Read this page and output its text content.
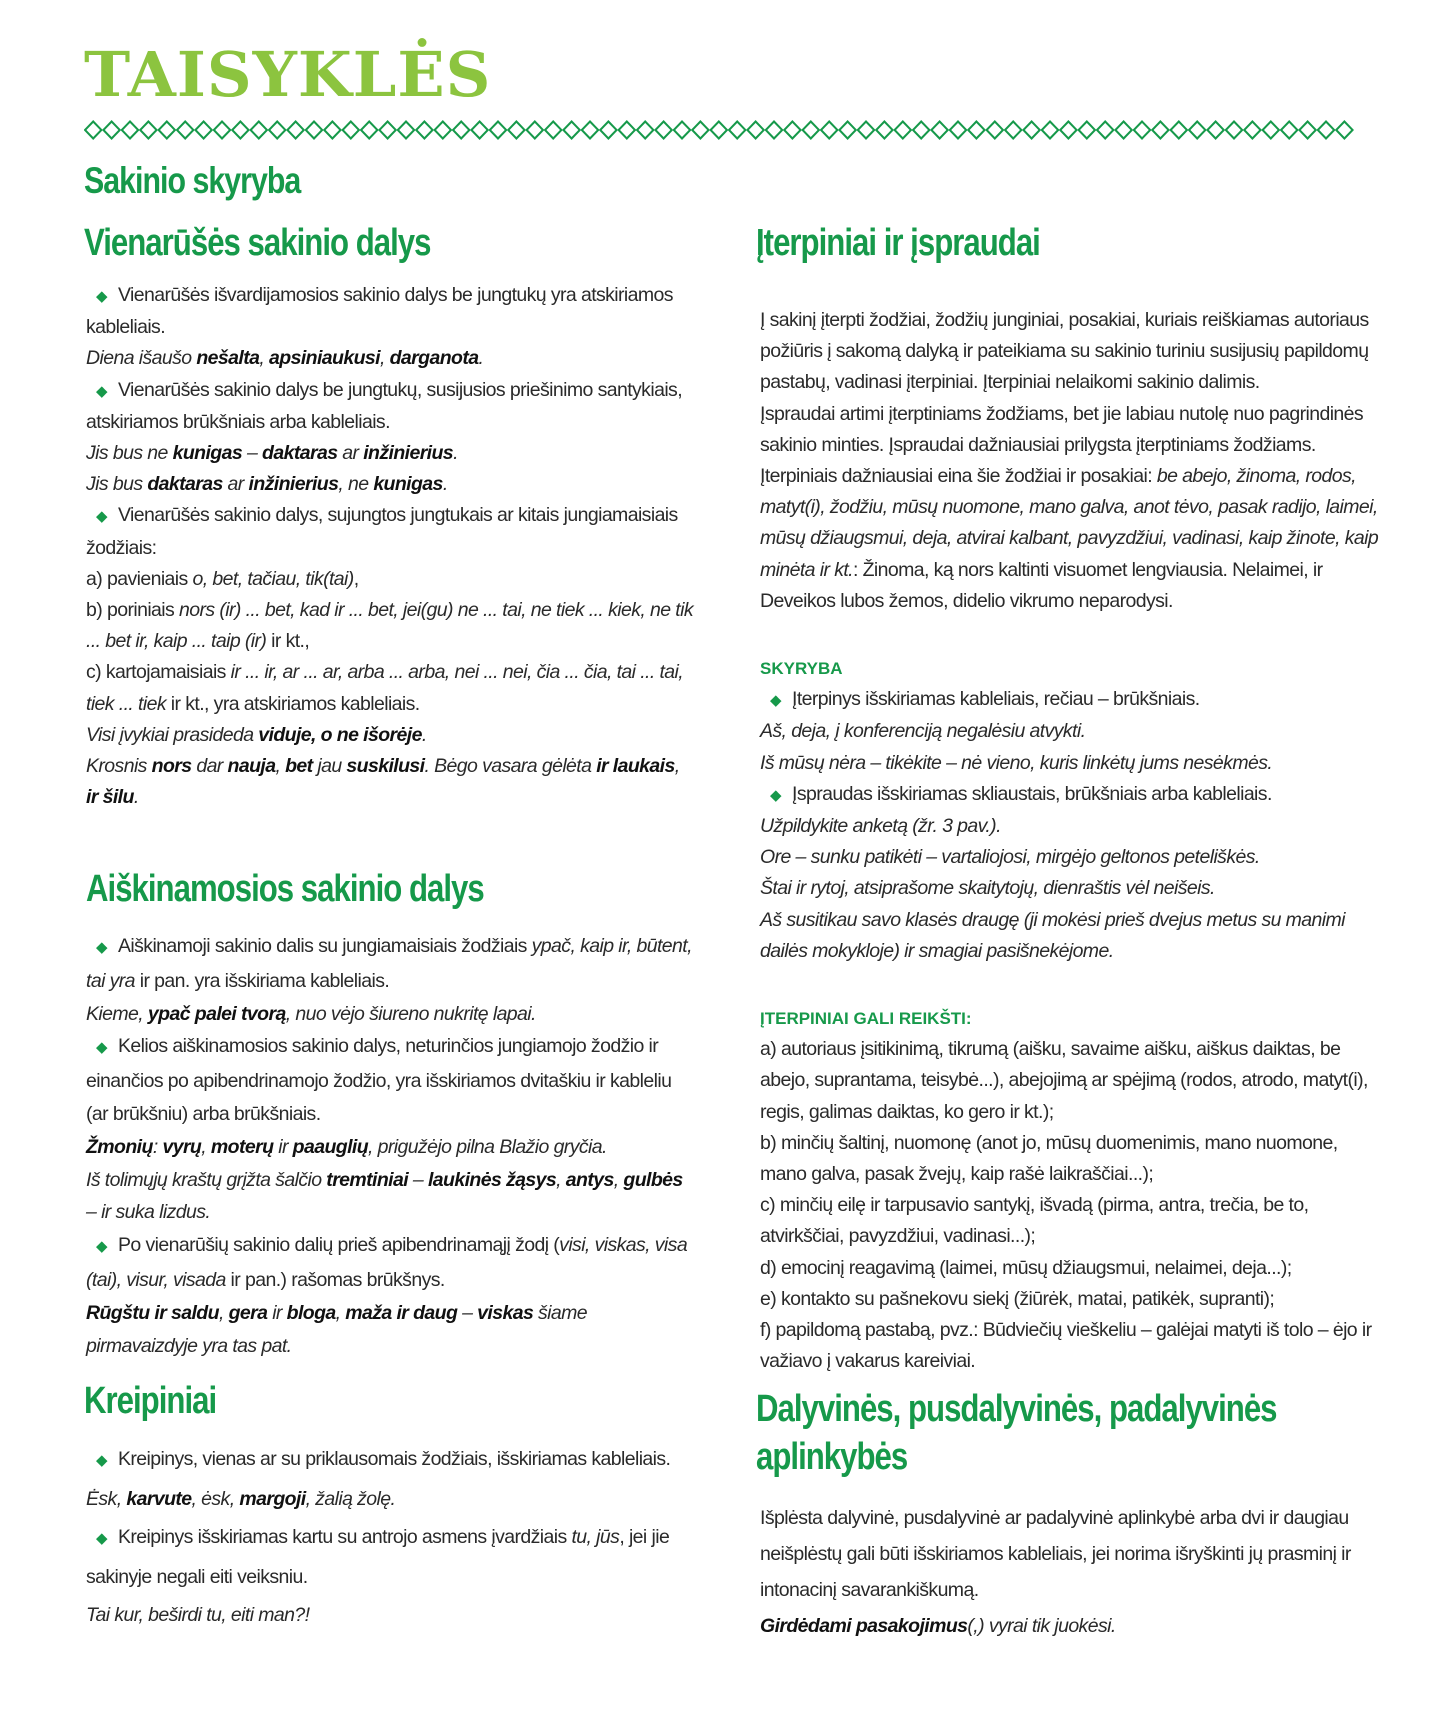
TAISYKLĖS
Sakinio skyryba
Vienarūšės sakinio dalys

◆ Vienarūšės išvardijamosios sakinio dalys be jungtukų yra atskiriamos kableliais.

Diena išaušo nešalta, apsiniaukusi, darganota.

◆ Vienarūšės sakinio dalys be jungtukų, susijusios priešinimo santykiais, atskiriamos brūkšniais arba kableliais.

Jis bus ne kunigas – daktaras ar inžinierius.

Jis bus daktaras ar inžinierius, ne kunigas.

◆ Vienarūšės sakinio dalys, sujungtos jungtukais ar kitais jungiamaisiais žodžiais:

a) pavieniais o, bet, tačiau, tik(tai),

b) poriniais nors (ir) ... bet, kad ir ... bet, jei(gu) ne ... tai, ne tiek ... kiek, ne tik ... bet ir, kaip ... taip (ir) ir kt.,

c) kartojamaisiais ir ... ir, ar ... ar, arba ... arba, nei ... nei, čia ... čia, tai ... tai, tiek ... tiek ir kt., yra atskiriamos kableliais.

Visi įvykiai prasideda viduje, o ne išorėje.

Krosnis nors dar nauja, bet jau suskilusi. Bėgo vasara gėlėta ir laukais, ir šilu.

Aiškinamosios sakinio dalys

◆ Aiškinamoji sakinio dalis su jungiamaisiais žodžiais ypač, kaip ir, būtent, tai yra ir pan. yra išskiriama kableliais.

Kieme, ypač palei tvorą, nuo vėjo šiureno nukritę lapai.

◆ Kelios aiškinamosios sakinio dalys, neturinčios jungiamojo žodžio ir einančios po apibendrinamojo žodžio, yra išskiriamos dvitaškiu ir kableliu (ar brūkšniu) arba brūkšniais.

Žmonių: vyrų, moterų ir paauglių, prigužėjo pilna Blažio gryčia.

Iš tolimųjų kraštų grįžta šalčio tremtiniai – laukinės žąsys, antys, gulbės – ir suka lizdus.

◆ Po vienarūšių sakinio dalių prieš apibendrinamąjį žodį (visi, viskas, visa (tai), visur, visada ir pan.) rašomas brūkšnys.

Rūgštu ir saldu, gera ir bloga, maža ir daug – viskas šiame pirmavaizdyje yra tas pat.

Kreipiniai

◆ Kreipinys, vienas ar su priklausomais žodžiais, išskiriamas kableliais.

Ėsk, karvute, ėsk, margoji, žalią žolę.

◆ Kreipinys išskiriamas kartu su antrojo asmens įvardžiais tu, jūs, jei jie sakinyje negali eiti veiksniu.

Tai kur, beširdi tu, eiti man?!

Įterpiniai ir įspraudai

Į sakinį įterpti žodžiai, žodžių junginiai, posakiai, kuriais reiškiamas autoriaus požiūris į sakomą dalyką ir pateikiama su sakinio turiniu susijusių papildomų pastabų, vadinasi įterpiniai. Įterpiniai nelaikomi sakinio dalimis.

Įspraudai artimi įterptiniams žodžiams, bet jie labiau nutolę nuo pagrindinės sakinio minties. Įspraudai dažniausiai prilygsta įterptiniams žodžiams.

Įterpiniais dažniausiai eina šie žodžiai ir posakiai: be abejo, žinoma, rodos, matyt(i), žodžiu, mūsų nuomone, mano galva, anot tėvo, pasak radijo, laimei, mūsų džiaugsmui, deja, atvirai kalbant, pavyzdžiui, vadinasi, kaip žinote, kaip minėta ir kt.: Žinoma, ką nors kaltinti visuomet lengviausia. Nelaimei, ir Deveikos lubos žemos, didelio vikrumo neparodysi.

SKYRYBA

◆ Įterpinys išskiriamas kableliais, rečiau – brūkšniais.

Aš, deja, į konferenciją negalėsiu atvykti.

Iš mūsų nėra – tikėkite – nė vieno, kuris linkėtų jums nesėkmės.

◆ Įspraudas išskiriamas skliaustais, brūkšniais arba kableliais.

Užpildykite anketą (žr. 3 pav.).

Ore – sunku patikėti – vartaliojosi, mirgėjo geltonos peteliškės.

Štai ir rytoj, atsiprašome skaitytojų, dienraštis vėl neišeis.

Aš susitikau savo klasės draugę (ji mokėsi prieš dvejus metus su manimi dailės mokykloje) ir smagiai pasišnekėjome.

ĮTERPINIAI GALI REIKŠTI:

a) autoriaus įsitikinimą, tikrumą (aišku, savaime aišku, aiškus daiktas, be abejo, suprantama, teisybė...), abejojimą ar spėjimą (rodos, atrodo, matyt(i), regis, galimas daiktas, ko gero ir kt.);

b) minčių šaltinį, nuomonę (anot jo, mūsų duomenimis, mano nuomone, mano galva, pasak žvejų, kaip rašė laikraščiai...);

c) minčių eilę ir tarpusavio santykį, išvadą (pirma, antra, trečia, be to, atvirkščiai, pavyzdžiui, vadinasi...);

d) emocinį reagavimą (laimei, mūsų džiaugsmui, nelaimei, deja...);

e) kontakto su pašnekovu siekį (žiūrėk, matai, patikėk, supranti);

f) papildomą pastabą, pvz.: Būdviečių vieškeliu – galėjai matyti iš tolo – ėjo ir važiavo į vakarus kareiviai.

Dalyvinės, pusdalyvinės, padalyvinės aplinkybės

Išplėsta dalyvinė, pusdalyvinė ar padalyvinė aplinkybė arba dvi ir daugiau neišplėstų gali būti išskiriamos kableliais, jei norima išryškinti jų prasminį ir intonacinį savarankiškumą.

Girdėdami pasakojimus(,) vyrai tik juokėsi.
